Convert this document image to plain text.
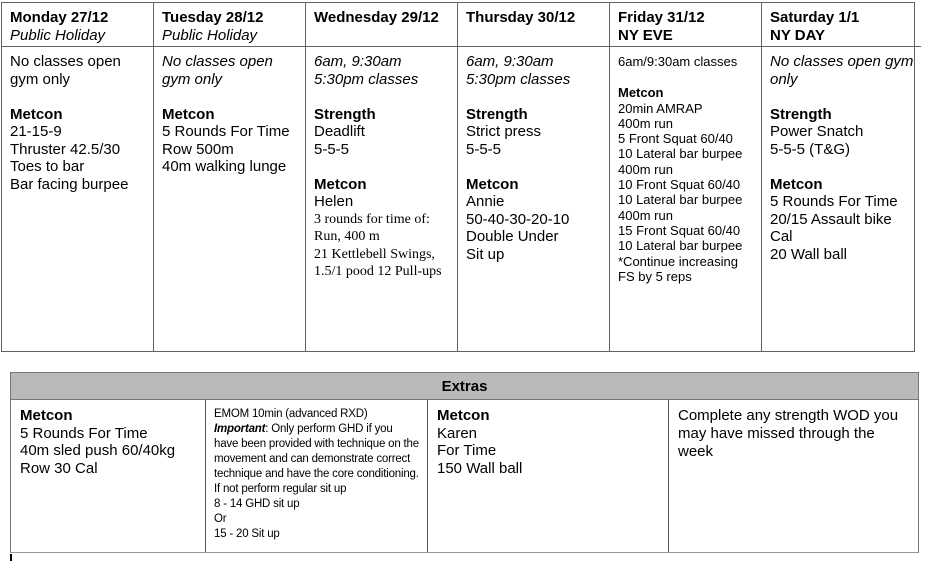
Monday 27/12
Public Holiday
No classes open
gym only
Metcon
21-15-9
Thruster 42.5/30
Toes to bar
Bar facing burpee
Tuesday 28/12
Public Holiday
No classes open
gym only
Metcon
5 Rounds For Time
Row 500m
40m walking lunge
Wednesday 29/12
6am, 9:30am
5:30pm classes
Strength
Deadlift
5-5-5
Metcon
Helen
3 rounds for time of:
Run, 400 m
21 Kettlebell Swings,
1.5/1 pood 12 Pull-ups
Thursday 30/12
6am, 9:30am
5:30pm classes
Strength
Strict press
5-5-5
Metcon
Annie
50-40-30-20-10
Double Under
Sit up
Friday 31/12
NY EVE
6am/9:30am classes
Metcon
20min AMRAP
400m run
5 Front Squat 60/40
10 Lateral bar burpee
400m run
10 Front Squat 60/40
10 Lateral bar burpee
400m run
15 Front Squat 60/40
10 Lateral bar burpee
*Continue increasing
FS by 5 reps
Saturday 1/1
NY DAY
No classes open gym
only
Strength
Power Snatch
5-5-5 (T&G)
Metcon
5 Rounds For Time
20/15 Assault bike
Cal
20 Wall ball
Extras
Metcon
5 Rounds For Time
40m sled push 60/40kg
Row 30 Cal
EMOM 10min (advanced RXD)
Important: Only perform GHD if you have been provided with technique on the movement and can demonstrate correct technique and have the core conditioning. If not perform regular sit up
8 - 14 GHD sit up
Or
15 - 20 Sit up
Metcon
Karen
For Time
150 Wall ball
Complete any strength WOD you may have missed through the week
